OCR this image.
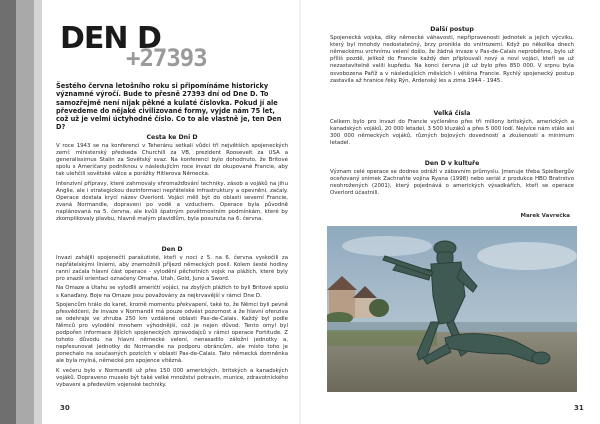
DEN D
+27393
Šestého června letošního roku si připomínáme historicky významné výročí. Bude to přesně 27393 dní od Dne D. To samozřejmě není nijak pěkné a kulaté číslovka. Pokud jí ale převedeme do nějaké civilizované formy, vyjde nám 75 let, což už je velmi úctyhodné číslo. Co to ale vlastně je, ten Den D?
Cesta ke Dni D

V roce 1943 se na konferenci v Teheránu setkali vůdci tří největších spojeneckých zemí: ministerský předseda Churchill za VB, prezident Roosevelt za USA a generalissimus Stalin za Sovětský svaz. Na konferenci bylo dohodnuto, že Britové spolu s Američany podniknou v následujícím roce invazi do okupované Francie, aby tak ulehčili sovětské válce a porážky Hitlerova Německa.

Intenzivní přípravy, které zahrnovaly shromažďování techniky, zásob a vojáků na jihu Anglie, ale i strategickou dezinformaci nepřátelské infrastruktury a opevnění, začaly. Operace dostala krycí název Overlord. Vojáci měli být do oblasti severní Francie, zvaná Normandie, dopraveni po vodě a vzduchem. Operace byla původně naplánovaná na 5. června, ale kvůli špatným povětrnostním podmínkám, které by zkomplikovaly plavbu, hlavně malým plavidlům, byla posunuta na 6. června.

Den D

Invazi zahájili spojenečtí parašutisté, kteří v noci z 5. na 6. června vyskočili za nepřátelskými liniemi, aby znemožnili příjezd německých posil. Kolem šesté hodiny ranní začala hlavní část operace - vylodění pěchotních vojsk na plážích, které byly pro snazší orientaci označeny Omaha, Utah, Gold, Juno a Sword.

Na Omaze a Utahu se vyloďili američtí vojáci, na zbylých plážích to byli Britové spolu s Kanaďany. Boje na Omaze jsou považovány za nejkrvavější v rámci Dne D.

Spojencům hrálo do karet, kromě momentu překvapení, také to, že Němci byli pevně přesvědčeni, že invaze v Normandii má pouze odvést pozornost a že hlavní ofenziva se odehraje ve zhruba 250 km vzdálené oblasti Pas-de-Calais. Každý byl podle Němců pro vylodění mnohem výhodnější, což je nejen důvod. Tento omyl byl podpořen informace žijících spojeneckých zpravodajců v rámci operace Fortitude. Z tohoto důvodu na hlavní německé velení, nenasadilo záložní jednotky a, nepřesunovat jednotky do Normandie na podporu obráncům, ale místo toho je ponechalo na současných pozicích v oblasti Pas-de-Calais. Tato německá domněnka ale byla mylná, německé pro spojence vítězná.

K večeru bylo v Normandii už přes 150 000 amerických, britských a kanadských vojáků. Dopraveno muselo být také velké množství potravin, munice, zdravotnického vybavení a především vojenské techniky.

Další postup

Spojenecká vojska, díky německé váhavosti, nepřipravenosti jednotek a jejich výcviku, který byl mnohdy nedostatečný, brzy pronikla do vnitrozemí. Když po několika dnech německému vrchnímu velení došlo, že žádná invaze v Pas-de-Calais neproběhne, bylo už příliš pozdě, jelikož do Francie každý den připlouvali nový a noví vojáci, kteří se už nezastavitelně valili kupředu. Na konci června již už bylo přes 850 000. V srpnu byla osvobozena Paříž a v následujících měsících i většina Francie. Rychlý spojenecký postup zastavila až hranice řeky Rýn, Ardenský les a zima 1944 - 1945.

Velká čísla

Celkem bylo pro invazi do Francie vyčleněno přes tři miliony britských, amerických a kanadských vojáků, 20 000 letadel, 3 500 kluzáků a přes 5 000 lodí. Nejvíce nám stálo asi 300 000 německých vojáků, různých bojových dovedností a zkušeností a minimum letadel.

Den D v kultuře

Význam celé operace se dodnes odráží v zábavním průmyslu. Jmenuje třeba Spielbergův oceňovaný snímek Zachraňte vojína Ryana (1998) nebo seriál z produkce HBO Bratrstvo neohrožených (2001), který pojednává o amerických výsadkářích, kteří se operace Overlord účastnili.

Marek Vavrečka
30	31
